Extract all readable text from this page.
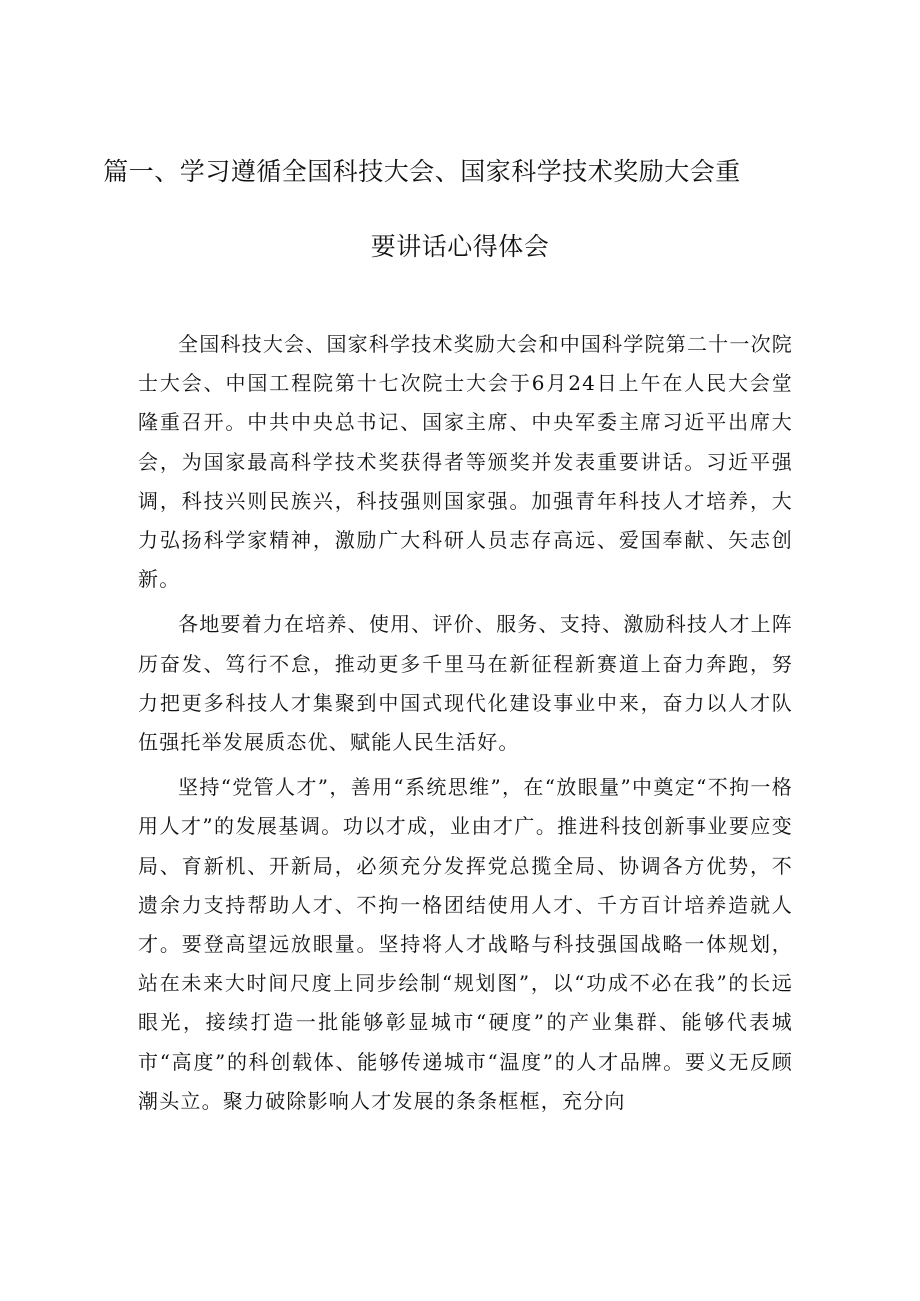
篇一、学习遵循全国科技大会、国家科学技术奖励大会重
要讲话心得体会

全国科技大会、国家科学技术奖励大会和中国科学院第二十一次院士大会、中国工程院第十七次院士大会于6月24日上午在人民大会堂隆重召开。中共中央总书记、国家主席、中央军委主席习近平出席大会，为国家最高科学技术奖获得者等颁奖并发表重要讲话。习近平强调，科技兴则民族兴，科技强则国家强。加强青年科技人才培养，大力弘扬科学家精神，激励广大科研人员志存高远、爱国奉献、矢志创新。

各地要着力在培养、使用、评价、服务、支持、激励科技人才上阵历奋发、笃行不怠，推动更多千里马在新征程新赛道上奋力奔跑，努力把更多科技人才集聚到中国式现代化建设事业中来，奋力以人才队伍强托举发展质态优、赋能人民生活好。

坚持“党管人才”，善用“系统思维”，在“放眼量”中奠定“不拘一格用人才”的发展基调。功以才成，业由才广。推进科技创新事业要应变局、育新机、开新局，必须充分发挥党总揽全局、协调各方优势，不遗余力支持帮助人才、不拘一格团结使用人才、千方百计培养造就人才。要登高望远放眼量。坚持将人才战略与科技强国战略一体规划，站在未来大时间尺度上同步绘制“规划图”，以“功成不必在我”的长远眼光，接续打造一批能够彰显城市“硬度”的产业集群、能够代表城市“高度”的科创载体、能够传递城市“温度”的人才品牌。要义无反顾潮头立。聚力破除影响人才发展的条条框框，充分向
